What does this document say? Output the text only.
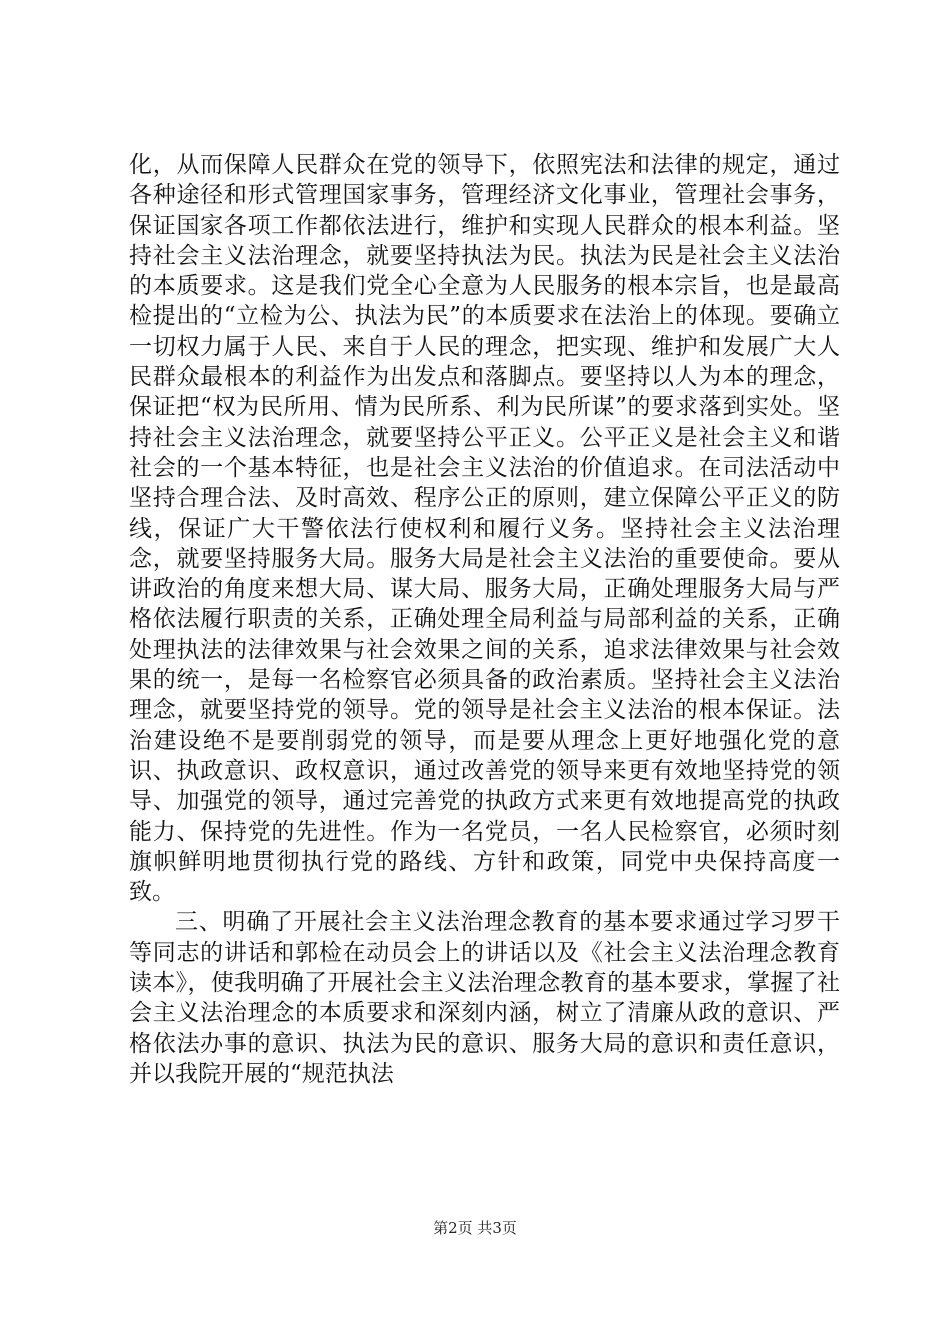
化，从而保障人民群众在党的领导下，依照宪法和法律的规定，通过各种途径和形式管理国家事务，管理经济文化事业，管理社会事务，保证国家各项工作都依法进行，维护和实现人民群众的根本利益。坚持社会主义法治理念，就要坚持执法为民。执法为民是社会主义法治的本质要求。这是我们党全心全意为人民服务的根本宗旨，也是最高检提出的“立检为公、执法为民”的本质要求在法治上的体现。要确立一切权力属于人民、来自于人民的理念，把实现、维护和发展广大人民群众最根本的利益作为出发点和落脚点。要坚持以人为本的理念，保证把“权为民所用、情为民所系、利为民所谋”的要求落到实处。坚持社会主义法治理念，就要坚持公平正义。公平正义是社会主义和谐社会的一个基本特征，也是社会主义法治的价值追求。在司法活动中坚持合理合法、及时高效、程序公正的原则，建立保障公平正义的防线，保证广大干警依法行使权利和履行义务。坚持社会主义法治理念，就要坚持服务大局。服务大局是社会主义法治的重要使命。要从讲政治的角度来想大局、谋大局、服务大局，正确处理服务大局与严格依法履行职责的关系，正确处理全局利益与局部利益的关系，正确处理执法的法律效果与社会效果之间的关系，追求法律效果与社会效果的统一，是每一名检察官必须具备的政治素质。坚持社会主义法治理念，就要坚持党的领导。党的领导是社会主义法治的根本保证。法治建设绝不是要削弱党的领导，而是要从理念上更好地强化党的意识、执政意识、政权意识，通过改善党的领导来更有效地坚持党的领导、加强党的领导，通过完善党的执政方式来更有效地提高党的执政能力、保持党的先进性。作为一名党员，一名人民检察官，必须时刻旗帜鲜明地贯彻执行党的路线、方针和政策，同党中央保持高度一致。

三、明确了开展社会主义法治理念教育的基本要求通过学习罗干等同志的讲话和郭检在动员会上的讲话以及《社会主义法治理念教育读本》，使我明确了开展社会主义法治理念教育的基本要求，掌握了社会主义法治理念的本质要求和深刻内涵，树立了清廉从政的意识、严格依法办事的意识、执法为民的意识、服务大局的意识和责任意识，并以我院开展的“规范执法

第2页 共3页
